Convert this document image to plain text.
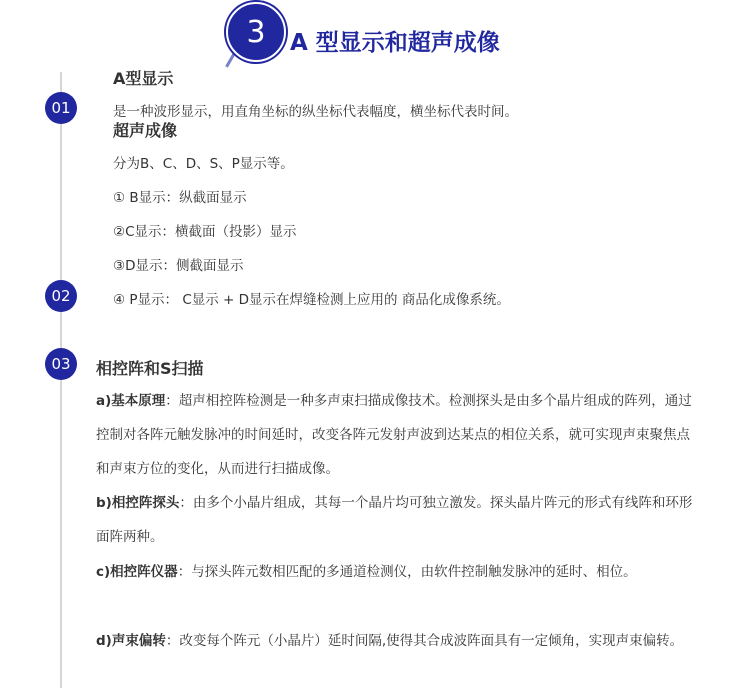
3 A 型显示和超声成像
01
02
03
A型显示
是一种波形显示，用直角坐标的纵坐标代表幅度，横坐标代表时间。
超声成像
分为B、C、D、S、P显示等。
① B显示：纵截面显示
②C显示：横截面（投影）显示
③D显示：侧截面显示
④ P显示： C显示 + D显示在焊缝检测上应用的 商品化成像系统。
相控阵和S扫描
a)基本原理：超声相控阵检测是一种多声束扫描成像技术。检测探头是由多个晶片组成的阵列，通过控制对各阵元触发脉冲的时间延时，改变各阵元发射声波到达某点的相位关系，就可实现声束聚焦点和声束方位的变化，从而进行扫描成像。
b)相控阵探头：由多个小晶片组成，其每一个晶片均可独立激发。探头晶片阵元的形式有线阵和环形面阵两种。
c)相控阵仪器：与探头阵元数相匹配的多通道检测仪，由软件控制触发脉冲的延时、相位。
d)声束偏转：改变每个阵元（小晶片）延时间隔,使得其合成波阵面具有一定倾角，实现声束偏转。
